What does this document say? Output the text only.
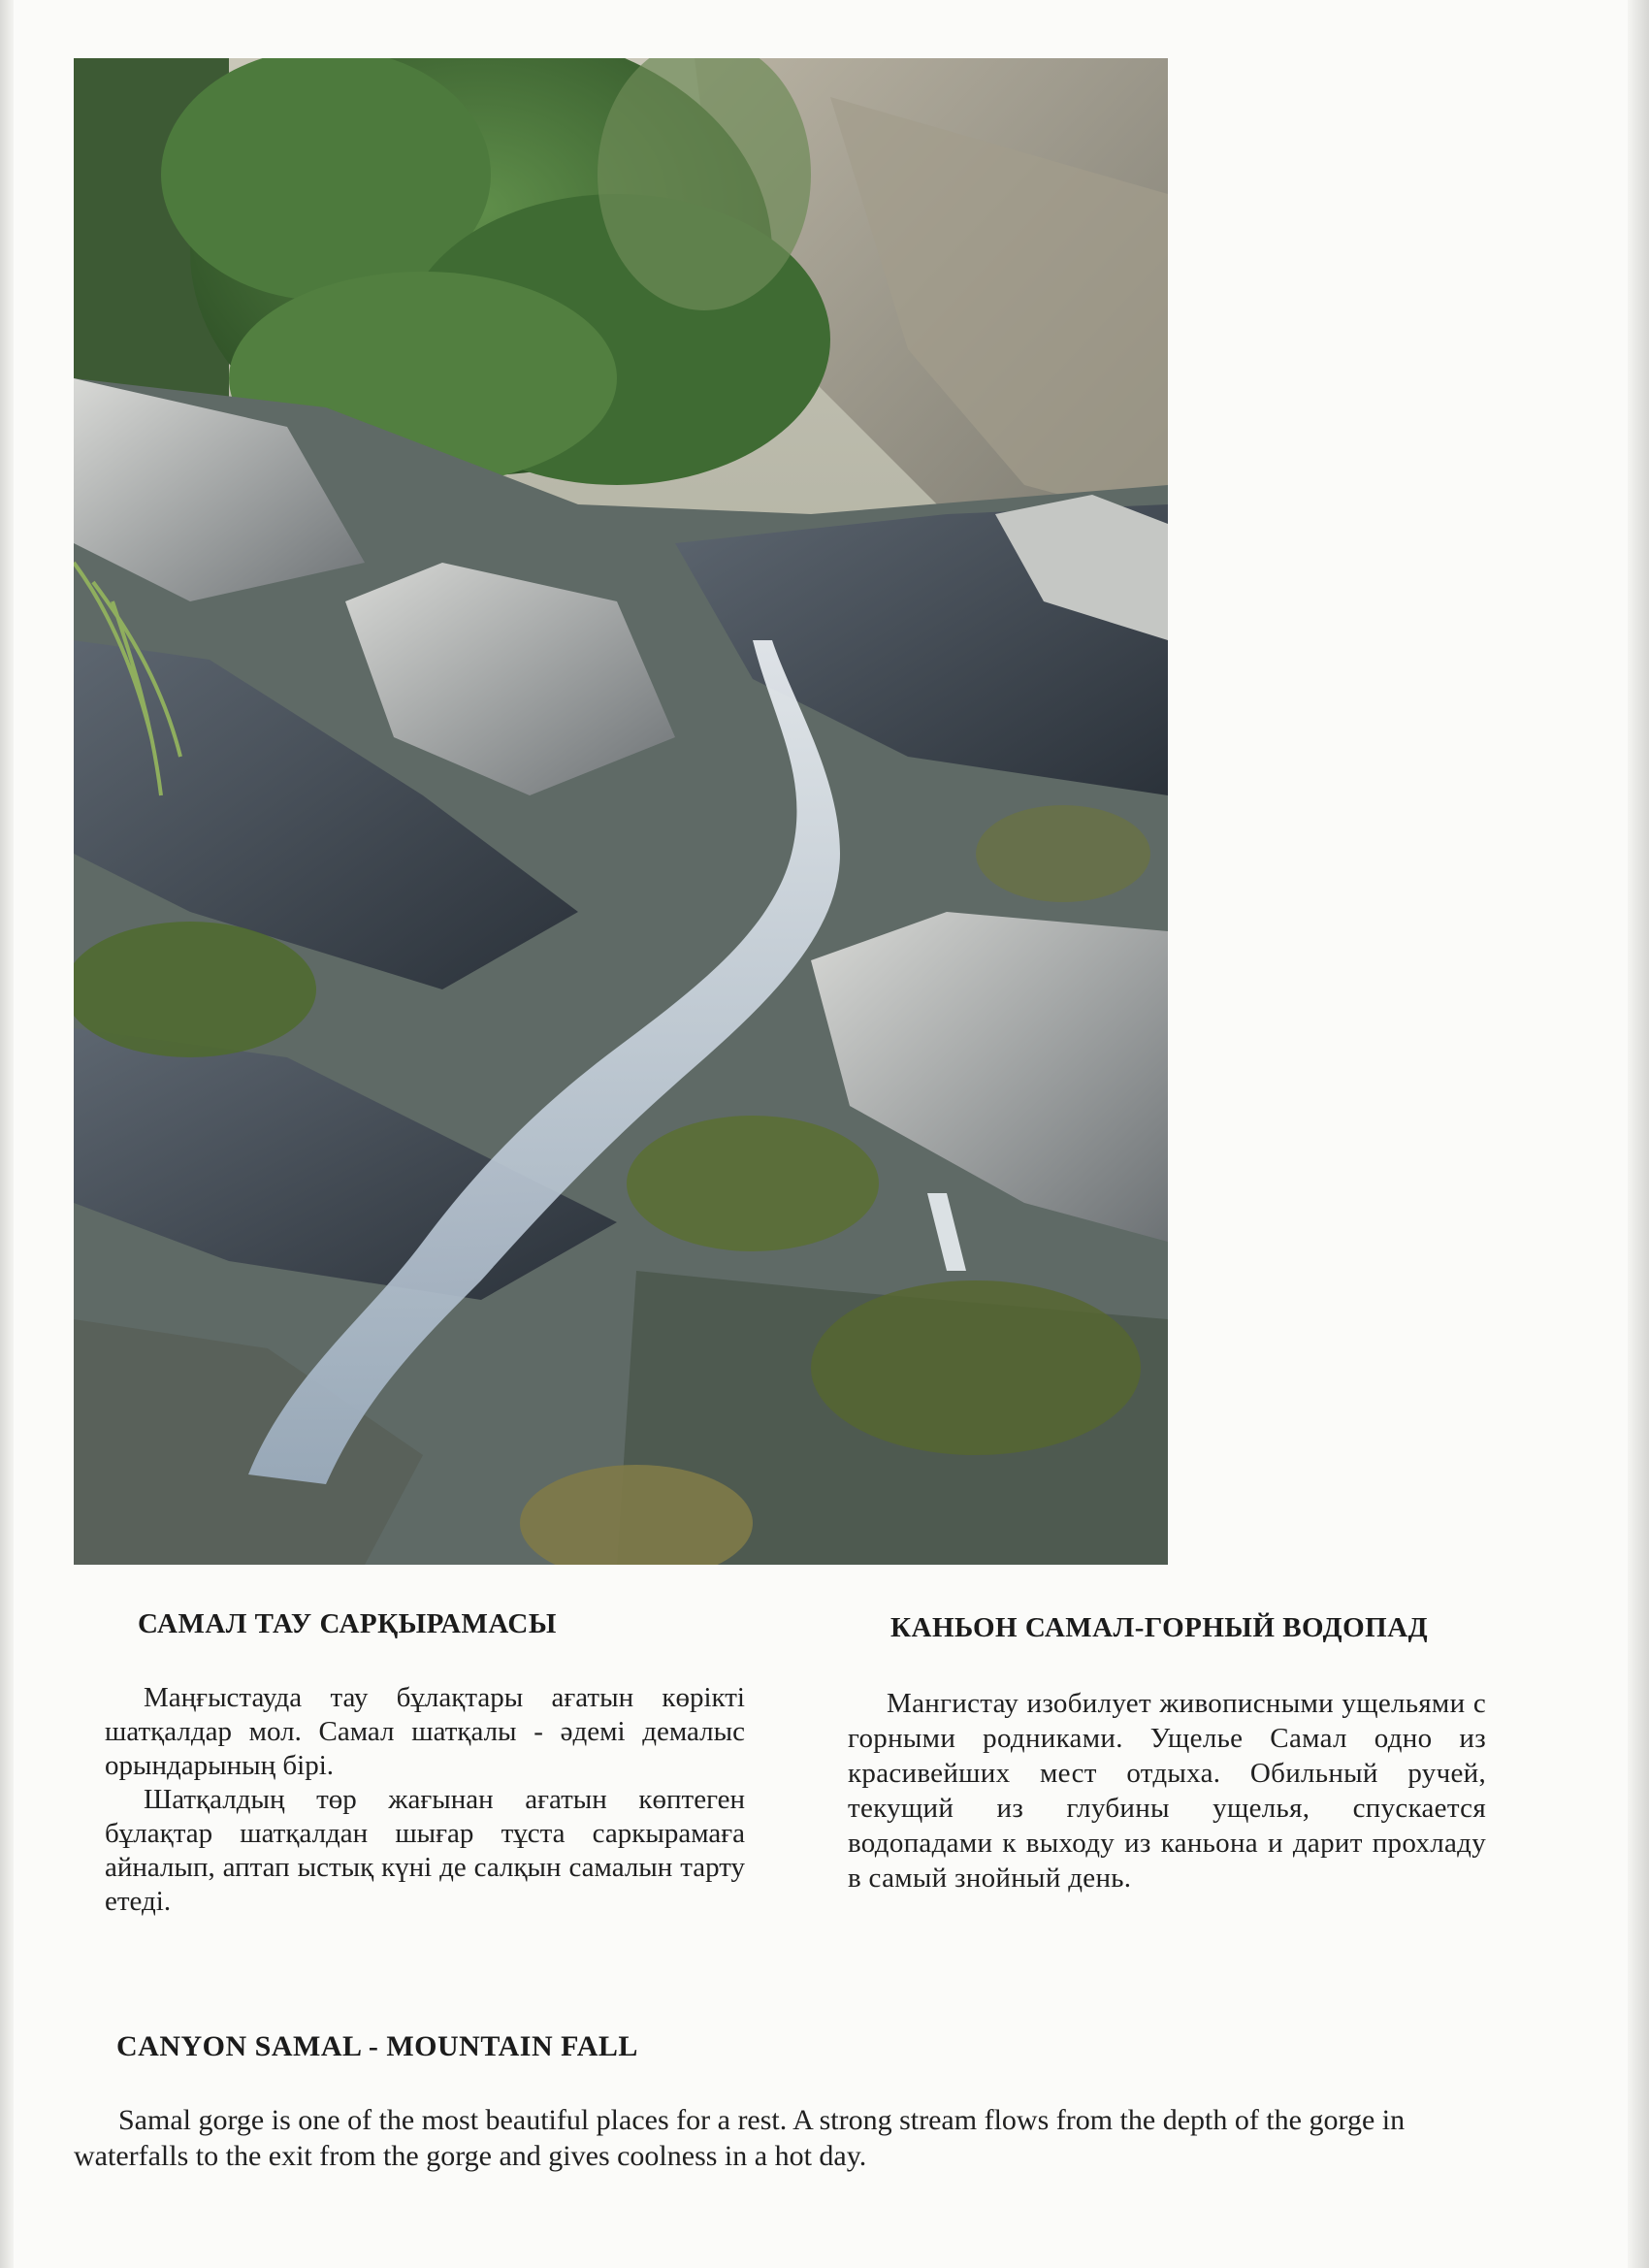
САМАЛ ТАУ САРҚЫРАМАСЫ

Маңғыстауда тау бұлақтары ағатын көрікті шатқалдар мол. Самал шатқалы - әдемі демалыс орындарының бірі.

Шатқалдың төр жағынан ағатын көптеген бұлақтар шатқалдан шығар тұста саркырамаға айналып, аптап ыстық күні де салқын самалын тарту етеді.

КАНЬОН САМАЛ-ГОРНЫЙ ВОДОПАД

Мангистау изобилует живописными ущельями с горными родниками. Ущелье Самал одно из красивейших мест отдыха. Обильный ручей, текущий из глубины ущелья, спускается водопадами к выходу из каньона и дарит прохладу в самый знойный день.

CANYON SAMAL - MOUNTAIN FALL

Samal gorge is one of the most beautiful places for a rest. A strong stream flows from the depth of the gorge in waterfalls to the exit from the gorge and gives coolness in a hot day.
